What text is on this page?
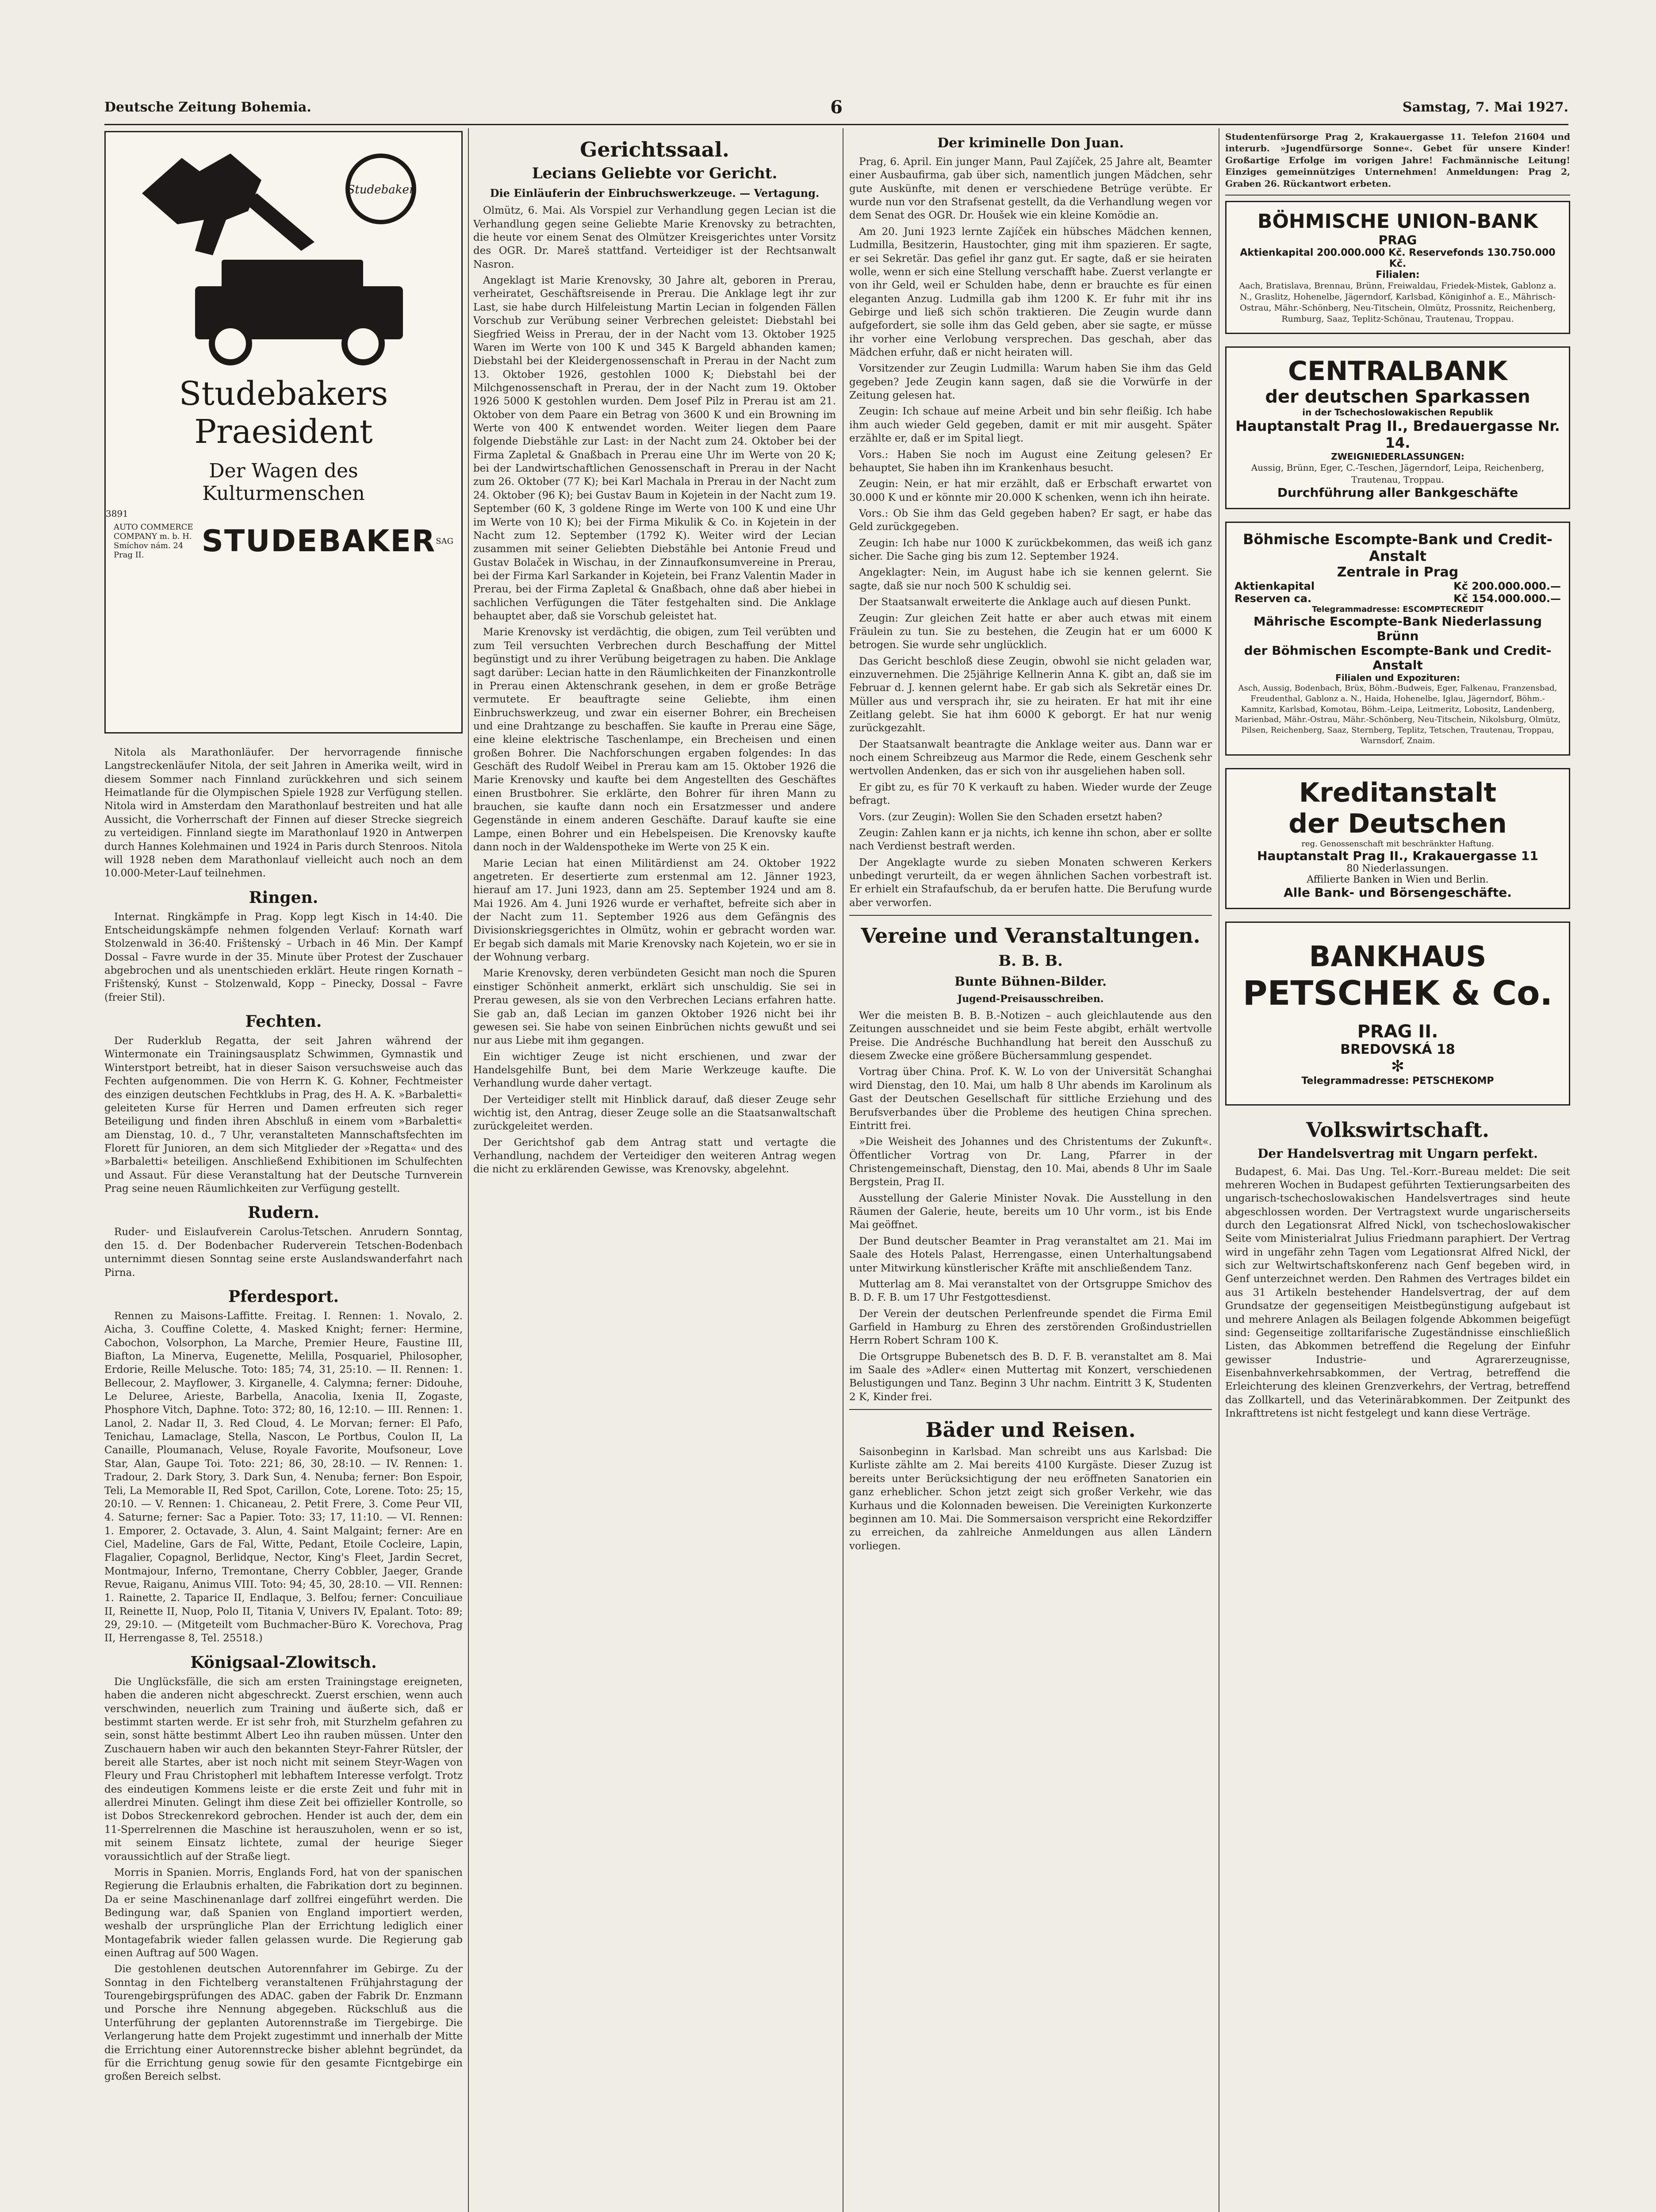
Deutsche Zeitung Bohemia.	6	Samstag, 7. Mai 1927.
Studebaker
Studebakers
Praesident
Der Wagen des
Kulturmenschen
3891
AUTO COMMERCE COMPANY m. b. H. Smíchov nám. 24 Prag II.	STUDEBAKER SAG

Nitola als Marathonläufer. Der hervorragende finnische Langstreckenläufer Nitola, der seit Jahren in Amerika weilt, wird in diesem Sommer nach Finnland zurückkehren und sich seinem Heimatlande für die Olympischen Spiele 1928 zur Verfügung stellen. Nitola wird in Amsterdam den Marathonlauf bestreiten und hat alle Aussicht, die Vorherrschaft der Finnen auf dieser Strecke siegreich zu verteidigen. Finnland siegte im Marathonlauf 1920 in Antwerpen durch Hannes Kolehmainen und 1924 in Paris durch Stenroos. Nitola will 1928 neben dem Marathonlauf vielleicht auch noch an dem 10.000-Meter-Lauf teilnehmen.

Ringen.

Internat. Ringkämpfe in Prag. Kopp legt Kisch in 14:40. Die Entscheidungskämpfe nehmen folgenden Verlauf: Kornath warf Stolzenwald in 36:40. Frištenský – Urbach in 46 Min. Der Kampf Dossal – Favre wurde in der 35. Minute über Protest der Zuschauer abgebrochen und als unentschieden erklärt. Heute ringen Kornath – Frištenský, Kunst – Stolzenwald, Kopp – Pinecky, Dossal – Favre (freier Stil).

Fechten.

Der Ruderklub Regatta, der seit Jahren während der Wintermonate ein Trainingsausplatz Schwimmen, Gymnastik und Winterstport betreibt, hat in dieser Saison versuchsweise auch das Fechten aufgenommen. Die von Herrn K. G. Kohner, Fechtmeister des einzigen deutschen Fechtklubs in Prag, des H. A. K. »Barbaletti« geleiteten Kurse für Herren und Damen erfreuten sich reger Beteiligung und finden ihren Abschluß in einem vom »Barbaletti« am Dienstag, 10. d., 7 Uhr, veranstalteten Mannschaftsfechten im Florett für Junioren, an dem sich Mitglieder der »Regatta« und des »Barbaletti« beteiligen. Anschließend Exhibitionen im Schulfechten und Assaut. Für diese Veranstaltung hat der Deutsche Turnverein Prag seine neuen Räumlichkeiten zur Verfügung gestellt.

Rudern.

Ruder- und Eislaufverein Carolus-Tetschen. Anrudern Sonntag, den 15. d. Der Bodenbacher Ruderverein Tetschen-Bodenbach unternimmt diesen Sonntag seine erste Auslandswanderfahrt nach Pirna.

Pferdesport.

Rennen zu Maisons-Laffitte. Freitag. I. Rennen: 1. Novalo, 2. Aicha, 3. Couffine Colette, 4. Masked Knight; ferner: Hermine, Cabochon, Volsorphon, La Marche, Premier Heure, Faustine III, Biafton, La Minerva, Eugenette, Melilla, Posquariel, Philosopher, Erdorie, Reille Melusche. Toto: 185; 74, 31, 25:10. — II. Rennen: 1. Bellecour, 2. Mayflower, 3. Kirganelle, 4. Calymna; ferner: Didouhe, Le Deluree, Arieste, Barbella, Anacolia, Ixenia II, Zogaste, Phosphore Vitch, Daphne. Toto: 372; 80, 16, 12:10. — III. Rennen: 1. Lanol, 2. Nadar II, 3. Red Cloud, 4. Le Morvan; ferner: El Pafo, Tenichau, Lamaclage, Stella, Nascon, Le Portbus, Coulon II, La Canaille, Ploumanach, Veluse, Royale Favorite, Moufsoneur, Love Star, Alan, Gaupe Toi. Toto: 221; 86, 30, 28:10. — IV. Rennen: 1. Tradour, 2. Dark Story, 3. Dark Sun, 4. Nenuba; ferner: Bon Espoir, Teli, La Memorable II, Red Spot, Carillon, Cote, Lorene. Toto: 25; 15, 20:10. — V. Rennen: 1. Chicaneau, 2. Petit Frere, 3. Come Peur VII, 4. Saturne; ferner: Sac a Papier. Toto: 33; 17, 11:10. — VI. Rennen: 1. Emporer, 2. Octavade, 3. Alun, 4. Saint Malgaint; ferner: Are en Ciel, Madeline, Gars de Fal, Witte, Pedant, Etoile Cocleire, Lapin, Flagalier, Copagnol, Berlidque, Nector, King's Fleet, Jardin Secret, Montmajour, Inferno, Tremontane, Cherry Cobbler, Jaeger, Grande Revue, Raiganu, Animus VIII. Toto: 94; 45, 30, 28:10. — VII. Rennen: 1. Rainette, 2. Taparice II, Endlaque, 3. Belfou; ferner: Concuiliaue II, Reinette II, Nuop, Polo II, Titania V, Univers IV, Epalant. Toto: 89; 29, 29:10. — (Mitgeteilt vom Buchmacher-Büro K. Vorechova, Prag II, Herrengasse 8, Tel. 25518.)

Königsaal-Zlowitsch.

Die Unglücksfälle, die sich am ersten Trainingstage ereigneten, haben die anderen nicht abgeschreckt. Zuerst erschien, wenn auch verschwinden, neuerlich zum Training und äußerte sich, daß er bestimmt starten werde. Er ist sehr froh, mit Sturzhelm gefahren zu sein, sonst hätte bestimmt Albert Leo ihn rauben müssen. Unter den Zuschauern haben wir auch den bekannten Steyr-Fahrer Rütsler, der bereit alle Startes, aber ist noch nicht mit seinem Steyr-Wagen von Fleury und Frau Christopherl mit lebhaftem Interesse verfolgt. Trotz des eindeutigen Kommens leiste er die erste Zeit und fuhr mit in allerdrei Minuten. Gelingt ihm diese Zeit bei offizieller Kontrolle, so ist Dobos Streckenrekord gebrochen. Hender ist auch der, dem ein 11-Sperrelrennen die Maschine ist herauszuholen, wenn er so ist, mit seinem Einsatz lichtete, zumal der heurige Sieger voraussichtlich auf der Straße liegt.

Morris in Spanien. Morris, Englands Ford, hat von der spanischen Regierung die Erlaubnis erhalten, die Fabrikation dort zu beginnen. Da er seine Maschinenanlage darf zollfrei eingeführt werden. Die Bedingung war, daß Spanien von England importiert werden, weshalb der ursprüngliche Plan der Errichtung lediglich einer Montagefabrik wieder fallen gelassen wurde. Die Regierung gab einen Auftrag auf 500 Wagen.

Die gestohlenen deutschen Autorennfahrer im Gebirge. Zu der Sonntag in den Fichtelberg veranstaltenen Frühjahrstagung der Tourengebirgsprüfungen des ADAC. gaben der Fabrik Dr. Enzmann und Porsche ihre Nennung abgegeben. Rückschluß aus die Unterführung der geplanten Autorennstraße im Tiergebirge. Die Verlangerung hatte dem Projekt zugestimmt und innerhalb der Mitte die Errichtung einer Autorennstrecke bisher ablehnt begründet, da für die Errichtung genug sowie für den gesamte Ficntgebirge ein großen Bereich selbst.

Gerichtssaal.
Lecians Geliebte vor Gericht.
Die Einläuferin der Einbruchswerkzeuge. — Vertagung.

Olmütz, 6. Mai. Als Vorspiel zur Verhandlung gegen Lecian ist die Verhandlung gegen seine Geliebte Marie Krenovsky zu betrachten, die heute vor einem Senat des Olmützer Kreisgerichtes unter Vorsitz des OGR. Dr. Mareš stattfand. Verteidiger ist der Rechtsanwalt Nasron.

Angeklagt ist Marie Krenovsky, 30 Jahre alt, geboren in Prerau, verheiratet, Geschäftsreisende in Prerau. Die Anklage legt ihr zur Last, sie habe durch Hilfeleistung Martin Lecian in folgenden Fällen Vorschub zur Verübung seiner Verbrechen geleistet: Diebstahl bei Siegfried Weiss in Prerau, der in der Nacht vom 13. Oktober 1925 Waren im Werte von 100 K und 345 K Bargeld abhanden kamen; Diebstahl bei der Kleidergenossenschaft in Prerau in der Nacht zum 13. Oktober 1926, gestohlen 1000 K; Diebstahl bei der Milchgenossenschaft in Prerau, der in der Nacht zum 19. Oktober 1926 5000 K gestohlen wurden. Dem Josef Pilz in Prerau ist am 21. Oktober von dem Paare ein Betrag von 3600 K und ein Browning im Werte von 400 K entwendet worden. Weiter liegen dem Paare folgende Diebstähle zur Last: in der Nacht zum 24. Oktober bei der Firma Zapletal & Gnaßbach in Prerau eine Uhr im Werte von 20 K; bei der Landwirtschaftlichen Genossenschaft in Prerau in der Nacht zum 26. Oktober (77 K); bei Karl Machala in Prerau in der Nacht zum 24. Oktober (96 K); bei Gustav Baum in Kojetein in der Nacht zum 19. September (60 K, 3 goldene Ringe im Werte von 100 K und eine Uhr im Werte von 10 K); bei der Firma Mikulik & Co. in Kojetein in der Nacht zum 12. September (1792 K). Weiter wird der Lecian zusammen mit seiner Geliebten Diebstähle bei Antonie Freud und Gustav Bolaček in Wischau, in der Zinnaufkonsumvereine in Prerau, bei der Firma Karl Sarkander in Kojetein, bei Franz Valentin Mader in Prerau, bei der Firma Zapletal & Gnaßbach, ohne daß aber hiebei in sachlichen Verfügungen die Täter festgehalten sind. Die Anklage behauptet aber, daß sie Vorschub geleistet hat.

Marie Krenovsky ist verdächtig, die obigen, zum Teil verübten und zum Teil versuchten Verbrechen durch Beschaffung der Mittel begünstigt und zu ihrer Verübung beigetragen zu haben. Die Anklage sagt darüber: Lecian hatte in den Räumlichkeiten der Finanzkontrolle in Prerau einen Aktenschrank gesehen, in dem er große Beträge vermutete. Er beauftragte seine Geliebte, ihm einen Einbruchswerkzeug, und zwar ein eiserner Bohrer, ein Brecheisen und eine Drahtzange zu beschaffen. Sie kaufte in Prerau eine Säge, eine kleine elektrische Taschenlampe, ein Brecheisen und einen großen Bohrer. Die Nachforschungen ergaben folgendes: In das Geschäft des Rudolf Weibel in Prerau kam am 15. Oktober 1926 die Marie Krenovsky und kaufte bei dem Angestellten des Geschäftes einen Brustbohrer. Sie erklärte, den Bohrer für ihren Mann zu brauchen, sie kaufte dann noch ein Ersatzmesser und andere Gegenstände in einem anderen Geschäfte. Darauf kaufte sie eine Lampe, einen Bohrer und ein Hebelspeisen. Die Krenovsky kaufte dann noch in der Waldenspotheke im Werte von 25 K ein.

Marie Lecian hat einen Militärdienst am 24. Oktober 1922 angetreten. Er desertierte zum erstenmal am 12. Jänner 1923, hierauf am 17. Juni 1923, dann am 25. September 1924 und am 8. Mai 1926. Am 4. Juni 1926 wurde er verhaftet, befreite sich aber in der Nacht zum 11. September 1926 aus dem Gefängnis des Divisionskriegsgerichtes in Olmütz, wohin er gebracht worden war. Er begab sich damals mit Marie Krenovsky nach Kojetein, wo er sie in der Wohnung verbarg.

Marie Krenovsky, deren verbündeten Gesicht man noch die Spuren einstiger Schönheit anmerkt, erklärt sich unschuldig. Sie sei in Prerau gewesen, als sie von den Verbrechen Lecians erfahren hatte. Sie gab an, daß Lecian im ganzen Oktober 1926 nicht bei ihr gewesen sei. Sie habe von seinen Einbrüchen nichts gewußt und sei nur aus Liebe mit ihm gegangen.

Ein wichtiger Zeuge ist nicht erschienen, und zwar der Handelsgehilfe Bunt, bei dem Marie Werkzeuge kaufte. Die Verhandlung wurde daher vertagt.

Der Verteidiger stellt mit Hinblick darauf, daß dieser Zeuge sehr wichtig ist, den Antrag, dieser Zeuge solle an die Staatsanwaltschaft zurückgeleitet werden.

Der Gerichtshof gab dem Antrag statt und vertagte die Verhandlung, nachdem der Verteidiger den weiteren Antrag wegen die nicht zu erklärenden Gewisse, was Krenovsky, abgelehnt.

Der kriminelle Don Juan.

Prag, 6. April. Ein junger Mann, Paul Zajíček, 25 Jahre alt, Beamter einer Ausbaufirma, gab über sich, namentlich jungen Mädchen, sehr gute Auskünfte, mit denen er verschiedene Betrüge verübte. Er wurde nun vor den Strafsenat gestellt, da die Verhandlung wegen vor dem Senat des OGR. Dr. Houšek wie ein kleine Komödie an.

Am 20. Juni 1923 lernte Zajíček ein hübsches Mädchen kennen, Ludmilla, Besitzerin, Haustochter, ging mit ihm spazieren. Er sagte, er sei Sekretär. Das gefiel ihr ganz gut. Er sagte, daß er sie heiraten wolle, wenn er sich eine Stellung verschafft habe. Zuerst verlangte er von ihr Geld, weil er Schulden habe, denn er brauchte es für einen eleganten Anzug. Ludmilla gab ihm 1200 K. Er fuhr mit ihr ins Gebirge und ließ sich schön traktieren. Die Zeugin wurde dann aufgefordert, sie solle ihm das Geld geben, aber sie sagte, er müsse ihr vorher eine Verlobung versprechen. Das geschah, aber das Mädchen erfuhr, daß er nicht heiraten will.

Vorsitzender zur Zeugin Ludmilla: Warum haben Sie ihm das Geld gegeben? Jede Zeugin kann sagen, daß sie die Vorwürfe in der Zeitung gelesen hat.

Zeugin: Ich schaue auf meine Arbeit und bin sehr fleißig. Ich habe ihm auch wieder Geld gegeben, damit er mit mir ausgeht. Später erzählte er, daß er im Spital liegt.

Vors.: Haben Sie noch im August eine Zeitung gelesen? Er behauptet, Sie haben ihn im Krankenhaus besucht.

Zeugin: Nein, er hat mir erzählt, daß er Erbschaft erwartet von 30.000 K und er könnte mir 20.000 K schenken, wenn ich ihn heirate.

Vors.: Ob Sie ihm das Geld gegeben haben? Er sagt, er habe das Geld zurückgegeben.

Zeugin: Ich habe nur 1000 K zurückbekommen, das weiß ich ganz sicher. Die Sache ging bis zum 12. September 1924.

Angeklagter: Nein, im August habe ich sie kennen gelernt. Sie sagte, daß sie nur noch 500 K schuldig sei.

Der Staatsanwalt erweiterte die Anklage auch auf diesen Punkt.

Zeugin: Zur gleichen Zeit hatte er aber auch etwas mit einem Fräulein zu tun. Sie zu bestehen, die Zeugin hat er um 6000 K betrogen. Sie wurde sehr unglücklich.

Das Gericht beschloß diese Zeugin, obwohl sie nicht geladen war, einzuvernehmen. Die 25jährige Kellnerin Anna K. gibt an, daß sie im Februar d. J. kennen gelernt habe. Er gab sich als Sekretär eines Dr. Müller aus und versprach ihr, sie zu heiraten. Er hat mit ihr eine Zeitlang gelebt. Sie hat ihm 6000 K geborgt. Er hat nur wenig zurückgezahlt.

Der Staatsanwalt beantragte die Anklage weiter aus. Dann war er noch einem Schreibzeug aus Marmor die Rede, einem Geschenk sehr wertvollen Andenken, das er sich von ihr ausgeliehen haben soll.

Er gibt zu, es für 70 K verkauft zu haben. Wieder wurde der Zeuge befragt.

Vors. (zur Zeugin): Wollen Sie den Schaden ersetzt haben?

Zeugin: Zahlen kann er ja nichts, ich kenne ihn schon, aber er sollte nach Verdienst bestraft werden.

Der Angeklagte wurde zu sieben Monaten schweren Kerkers unbedingt verurteilt, da er wegen ähnlichen Sachen vorbestraft ist. Er erhielt ein Strafaufschub, da er berufen hatte. Die Berufung wurde aber verworfen.

Vereine und Veranstaltungen.
B. B. B.
Bunte Bühnen-Bilder.
Jugend-Preisausschreiben.

Wer die meisten B. B. B.-Notizen – auch gleichlautende aus den Zeitungen ausschneidet und sie beim Feste abgibt, erhält wertvolle Preise. Die Andrésche Buchhandlung hat bereit den Ausschuß zu diesem Zwecke eine größere Büchersammlung gespendet.

Vortrag über China. Prof. K. W. Lo von der Universität Schanghai wird Dienstag, den 10. Mai, um halb 8 Uhr abends im Karolinum als Gast der Deutschen Gesellschaft für sittliche Erziehung und des Berufsverbandes über die Probleme des heutigen China sprechen. Eintritt frei.

»Die Weisheit des Johannes und des Christentums der Zukunft«. Öffentlicher Vortrag von Dr. Lang, Pfarrer in der Christengemeinschaft, Dienstag, den 10. Mai, abends 8 Uhr im Saale Bergstein, Prag II.

Ausstellung der Galerie Minister Novak. Die Ausstellung in den Räumen der Galerie, heute, bereits um 10 Uhr vorm., ist bis Ende Mai geöffnet.

Der Bund deutscher Beamter in Prag veranstaltet am 21. Mai im Saale des Hotels Palast, Herrengasse, einen Unterhaltungsabend unter Mitwirkung künstlerischer Kräfte mit anschließendem Tanz.

Mutterlag am 8. Mai veranstaltet von der Ortsgruppe Smichov des B. D. F. B. um 17 Uhr Festgottesdienst.

Der Verein der deutschen Perlenfreunde spendet die Firma Emil Garfield in Hamburg zu Ehren des zerstörenden Großindustriellen Herrn Robert Schram 100 K.

Die Ortsgruppe Bubenetsch des B. D. F. B. veranstaltet am 8. Mai im Saale des »Adler« einen Muttertag mit Konzert, verschiedenen Belustigungen und Tanz. Beginn 3 Uhr nachm. Eintritt 3 K, Studenten 2 K, Kinder frei.

Bäder und Reisen.

Saisonbeginn in Karlsbad. Man schreibt uns aus Karlsbad: Die Kurliste zählte am 2. Mai bereits 4100 Kurgäste. Dieser Zuzug ist bereits unter Berücksichtigung der neu eröffneten Sanatorien ein ganz erheblicher. Schon jetzt zeigt sich großer Verkehr, wie das Kurhaus und die Kolonnaden beweisen. Die Vereinigten Kurkonzerte beginnen am 10. Mai. Die Sommersaison verspricht eine Rekordziffer zu erreichen, da zahlreiche Anmeldungen aus allen Ländern vorliegen.

Studentenfürsorge Prag 2, Krakauergasse 11. Telefon 21604 und interurb. »Jugendfürsorge Sonne«. Gebet für unsere Kinder! Großartige Erfolge im vorigen Jahre! Fachmännische Leitung! Einziges gemeinnütziges Unternehmen! Anmeldungen: Prag 2, Graben 26. Rückantwort erbeten.
BÖHMISCHE UNION-BANK
PRAG
Aktienkapital 200.000.000 Kč. Reservefonds 130.750.000 Kč.
Filialen:
Aach, Bratislava, Brennau, Brünn, Freiwaldau, Friedek-Mistek, Gablonz a. N., Graslitz, Hohenelbe, Jägerndorf, Karlsbad, Königinhof a. E., Mährisch-Ostrau, Mähr.-Schönberg, Neu-Titschein, Olmütz, Prossnitz, Reichenberg, Rumburg, Saaz, Teplitz-Schönau, Trautenau, Troppau.
CENTRALBANK
der deutschen Sparkassen
in der Tschechoslowakischen Republik
Hauptanstalt Prag II., Bredauergasse Nr. 14.
ZWEIGNIEDERLASSUNGEN:
Aussig, Brünn, Eger, C.-Teschen, Jägerndorf, Leipa, Reichenberg, Trautenau, Troppau.
Durchführung aller Bankgeschäfte
Böhmische Escompte-Bank und Credit-Anstalt
Zentrale in Prag
Aktienkapital	Kč 200.000.000.—
Reserven ca.	Kč 154.000.000.—
Telegrammadresse: ESCOMPTECREDIT
Mährische Escompte-Bank Niederlassung Brünn
der Böhmischen Escompte-Bank und Credit-Anstalt
Filialen und Expozituren:
Asch, Aussig, Bodenbach, Brüx, Böhm.-Budweis, Eger, Falkenau, Franzensbad, Freudenthal, Gablonz a. N., Haida, Hohenelbe, Iglau, Jägerndorf, Böhm.-Kamnitz, Karlsbad, Komotau, Böhm.-Leipa, Leitmeritz, Lobositz, Landenberg, Marienbad, Mähr.-Ostrau, Mähr.-Schönberg, Neu-Titschein, Nikolsburg, Olmütz, Pilsen, Reichenberg, Saaz, Sternberg, Teplitz, Tetschen, Trautenau, Troppau, Warnsdorf, Znaim.
Kreditanstalt
der Deutschen
reg. Genossenschaft mit beschränkter Haftung.
Hauptanstalt Prag II., Krakauergasse 11
80 Niederlassungen.
Affilierte Banken in Wien und Berlin.
Alle Bank- und Börsengeschäfte.
BANKHAUS
PETSCHEK & Co.
PRAG II.
BREDOVSKÁ 18
✻
Telegrammadresse: PETSCHEKOMP
Volkswirtschaft.
Der Handelsvertrag mit Ungarn perfekt.

Budapest, 6. Mai. Das Ung. Tel.-Korr.-Bureau meldet: Die seit mehreren Wochen in Budapest geführten Textierungsarbeiten des ungarisch-tschechoslowakischen Handelsvertrages sind heute abgeschlossen worden. Der Vertragstext wurde ungarischerseits durch den Legationsrat Alfred Nickl, von tschechoslowakischer Seite vom Ministerialrat Julius Friedmann paraphiert. Der Vertrag wird in ungefähr zehn Tagen vom Legationsrat Alfred Nickl, der sich zur Weltwirtschaftskonferenz nach Genf begeben wird, in Genf unterzeichnet werden. Den Rahmen des Vertrages bildet ein aus 31 Artikeln bestehender Handelsvertrag, der auf dem Grundsatze der gegenseitigen Meistbegünstigung aufgebaut ist und mehrere Anlagen als Beilagen folgende Abkommen beigefügt sind: Gegenseitige zolltarifarische Zugeständnisse einschließlich Listen, das Abkommen betreffend die Regelung der Einfuhr gewisser Industrie- und Agrarerzeugnisse, Eisenbahnverkehrsabkommen, der Vertrag, betreffend die Erleichterung des kleinen Grenzverkehrs, der Vertrag, betreffend das Zollkartell, und das Veterinärabkommen. Der Zeitpunkt des Inkrafttretens ist nicht festgelegt und kann diese Verträge.
